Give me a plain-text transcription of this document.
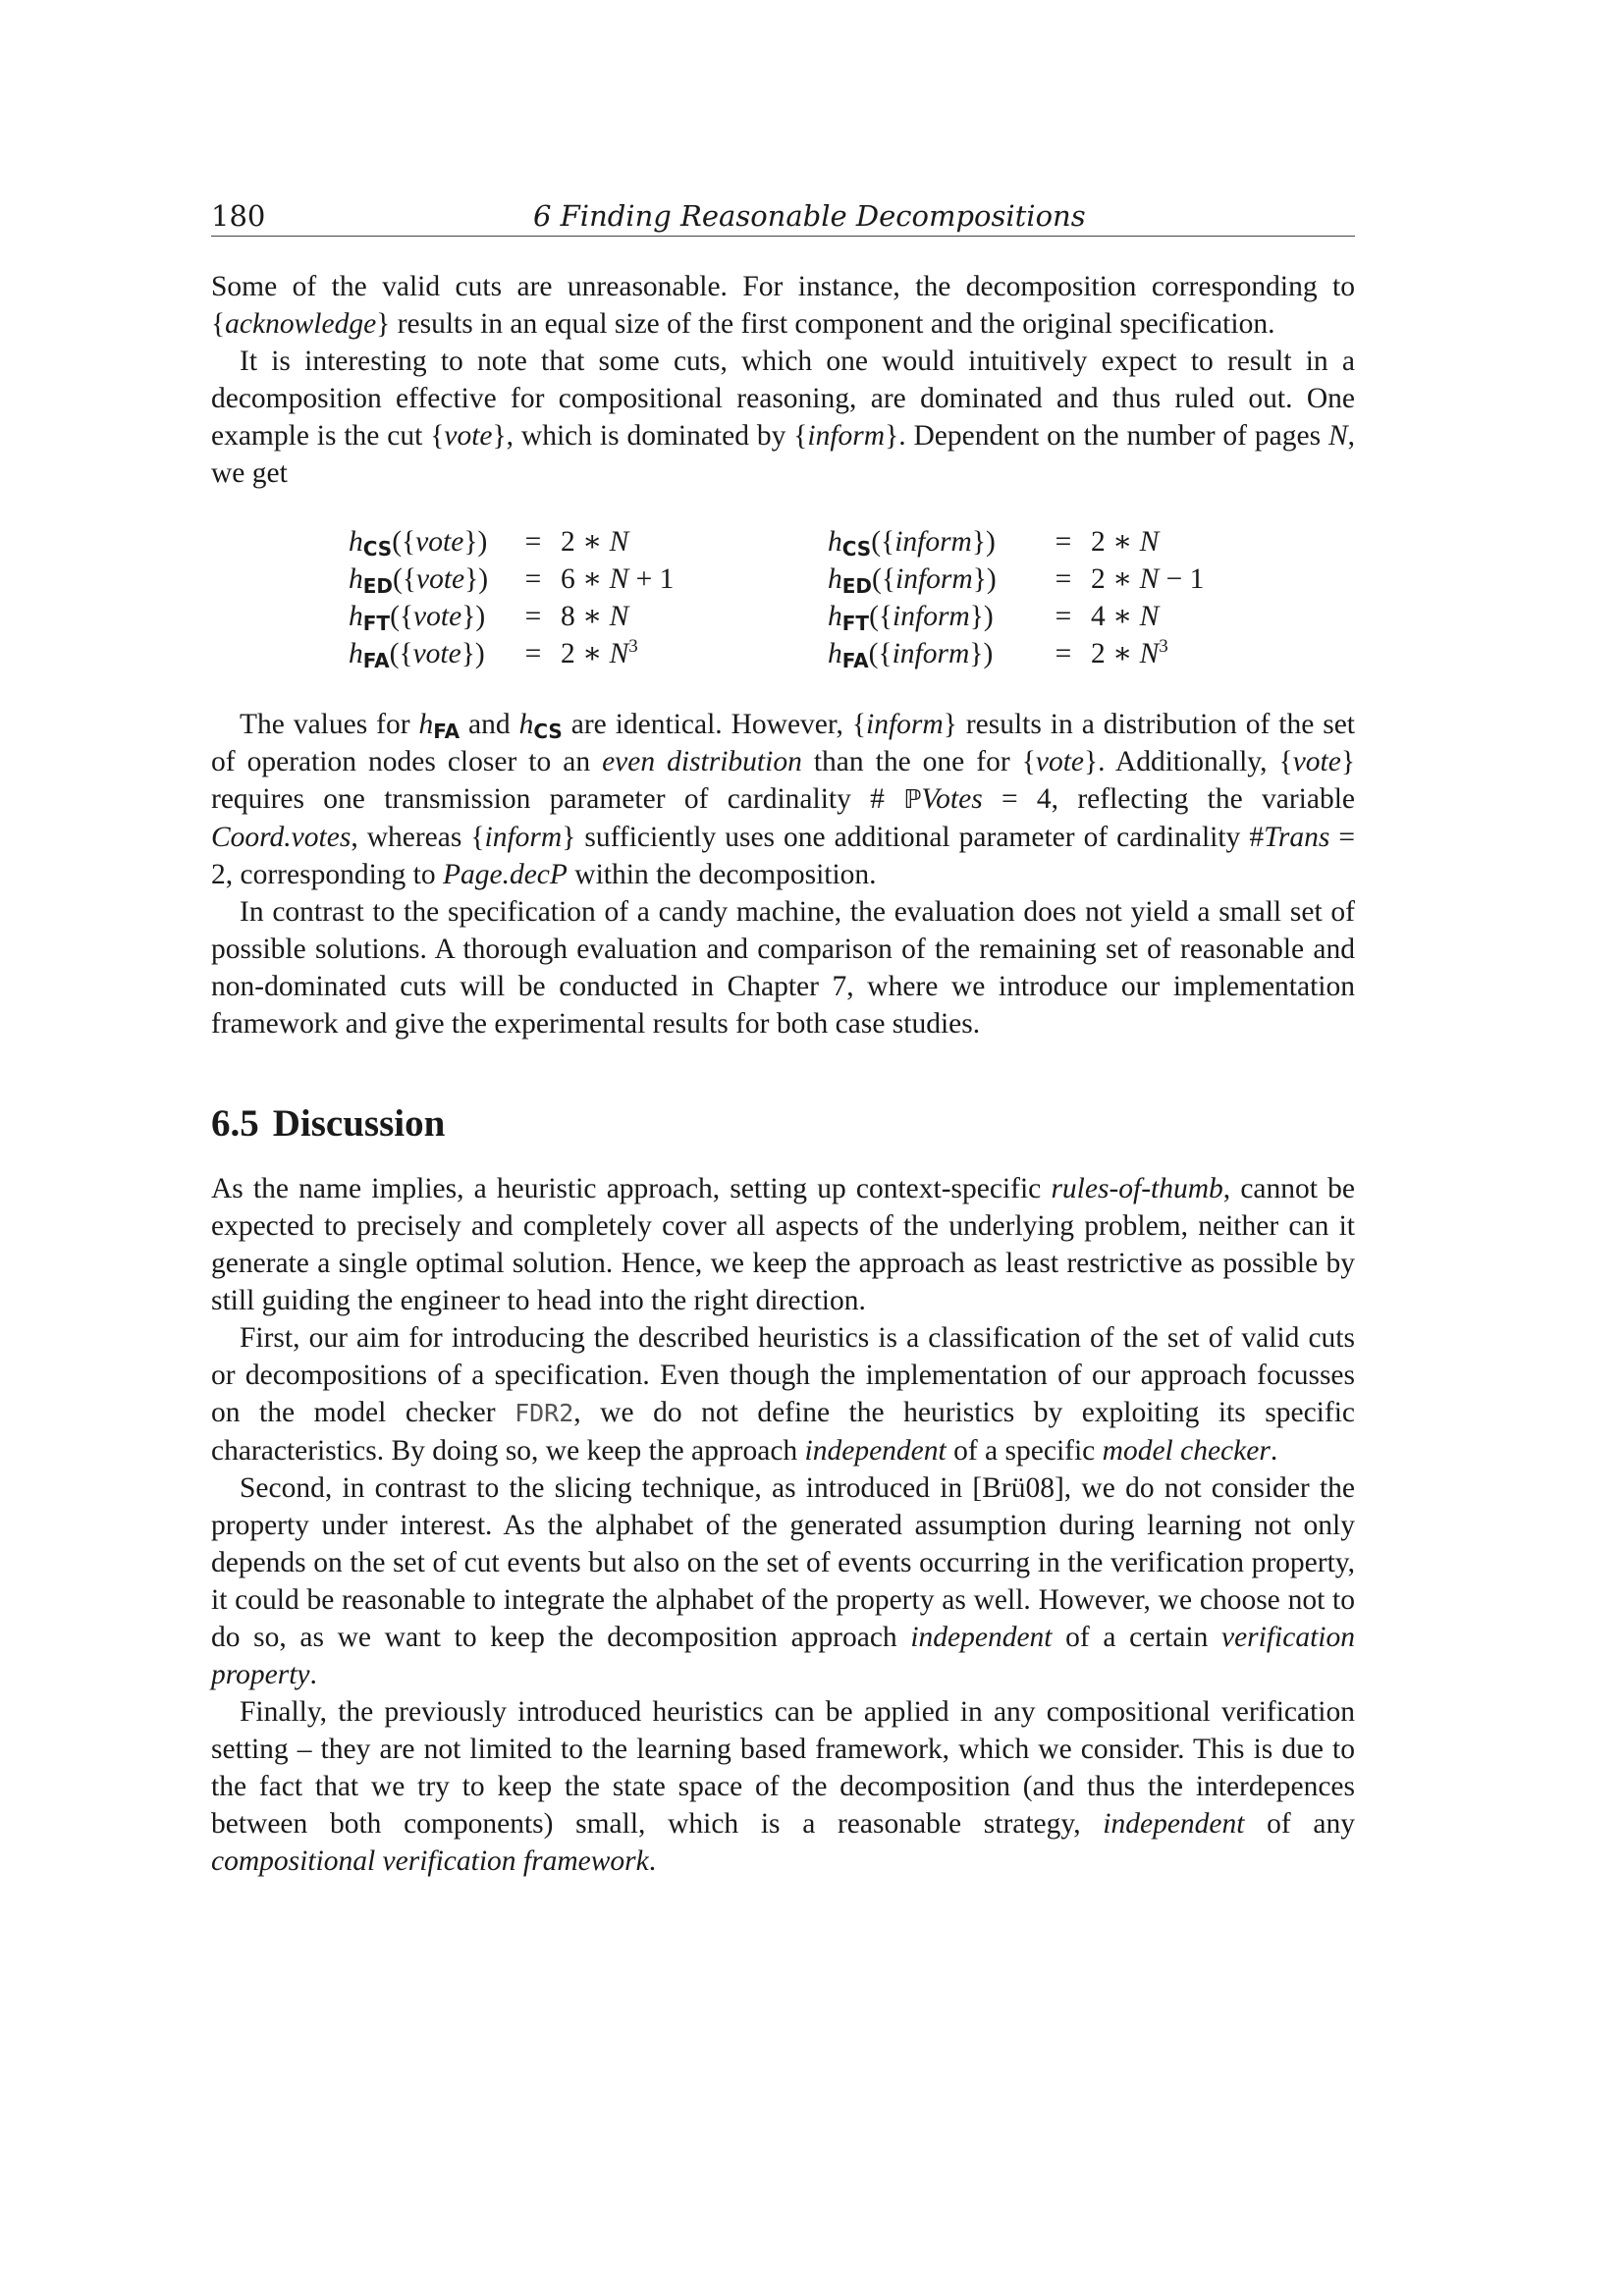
180	6 Finding Reasonable Decompositions

Some of the valid cuts are unreasonable. For instance, the decomposition corresponding to {acknowledge} results in an equal size of the first component and the original specification.

It is interesting to note that some cuts, which one would intuitively expect to result in a decomposition effective for compositional reasoning, are dominated and thus ruled out. One example is the cut {vote}, which is dominated by {inform}. Dependent on the number of pages N, we get

$h_{CS}(\{vote\})$	=	2 ∗ N	$h_{CS}(\{inform\})$	=	2 ∗ N
$h_{ED}(\{vote\})$	=	6 ∗ N + 1	$h_{ED}(\{inform\})$	=	2 ∗ N − 1
$h_{FT}(\{vote\})$	=	8 ∗ N	$h_{FT}(\{inform\})$	=	4 ∗ N
$h_{FA}(\{vote\})$	=	2 ∗ $N^3$	$h_{FA}(\{inform\})$	=	2 ∗ $N^3$

The values for $h_{FA}$ and $h_{CS}$ are identical. However, {inform} results in a distribution of the set of operation nodes closer to an even distribution than the one for {vote}. Additionally, {vote} requires one transmission parameter of cardinality # ℙVotes = 4, reflecting the variable Coord.votes, whereas {inform} sufficiently uses one additional parameter of cardinality #Trans = 2, corresponding to Page.decP within the decomposition.

In contrast to the specification of a candy machine, the evaluation does not yield a small set of possible solutions. A thorough evaluation and comparison of the remaining set of reasonable and non-dominated cuts will be conducted in Chapter 7, where we introduce our implementation framework and give the experimental results for both case studies.

6.5 Discussion

As the name implies, a heuristic approach, setting up context-specific rules-of-thumb, cannot be expected to precisely and completely cover all aspects of the underlying problem, neither can it generate a single optimal solution. Hence, we keep the approach as least restrictive as possible by still guiding the engineer to head into the right direction.

First, our aim for introducing the described heuristics is a classification of the set of valid cuts or decompositions of a specification. Even though the implementation of our approach focusses on the model checker FDR2, we do not define the heuristics by exploiting its specific characteristics. By doing so, we keep the approach independent of a specific model checker.

Second, in contrast to the slicing technique, as introduced in [Brü08], we do not consider the property under interest. As the alphabet of the generated assumption during learning not only depends on the set of cut events but also on the set of events occurring in the verification property, it could be reasonable to integrate the alphabet of the property as well. However, we choose not to do so, as we want to keep the decomposition approach independent of a certain verification property.

Finally, the previously introduced heuristics can be applied in any compositional verification setting – they are not limited to the learning based framework, which we consider. This is due to the fact that we try to keep the state space of the decomposition (and thus the interdepences between both components) small, which is a reasonable strategy, independent of any compositional verification framework.
